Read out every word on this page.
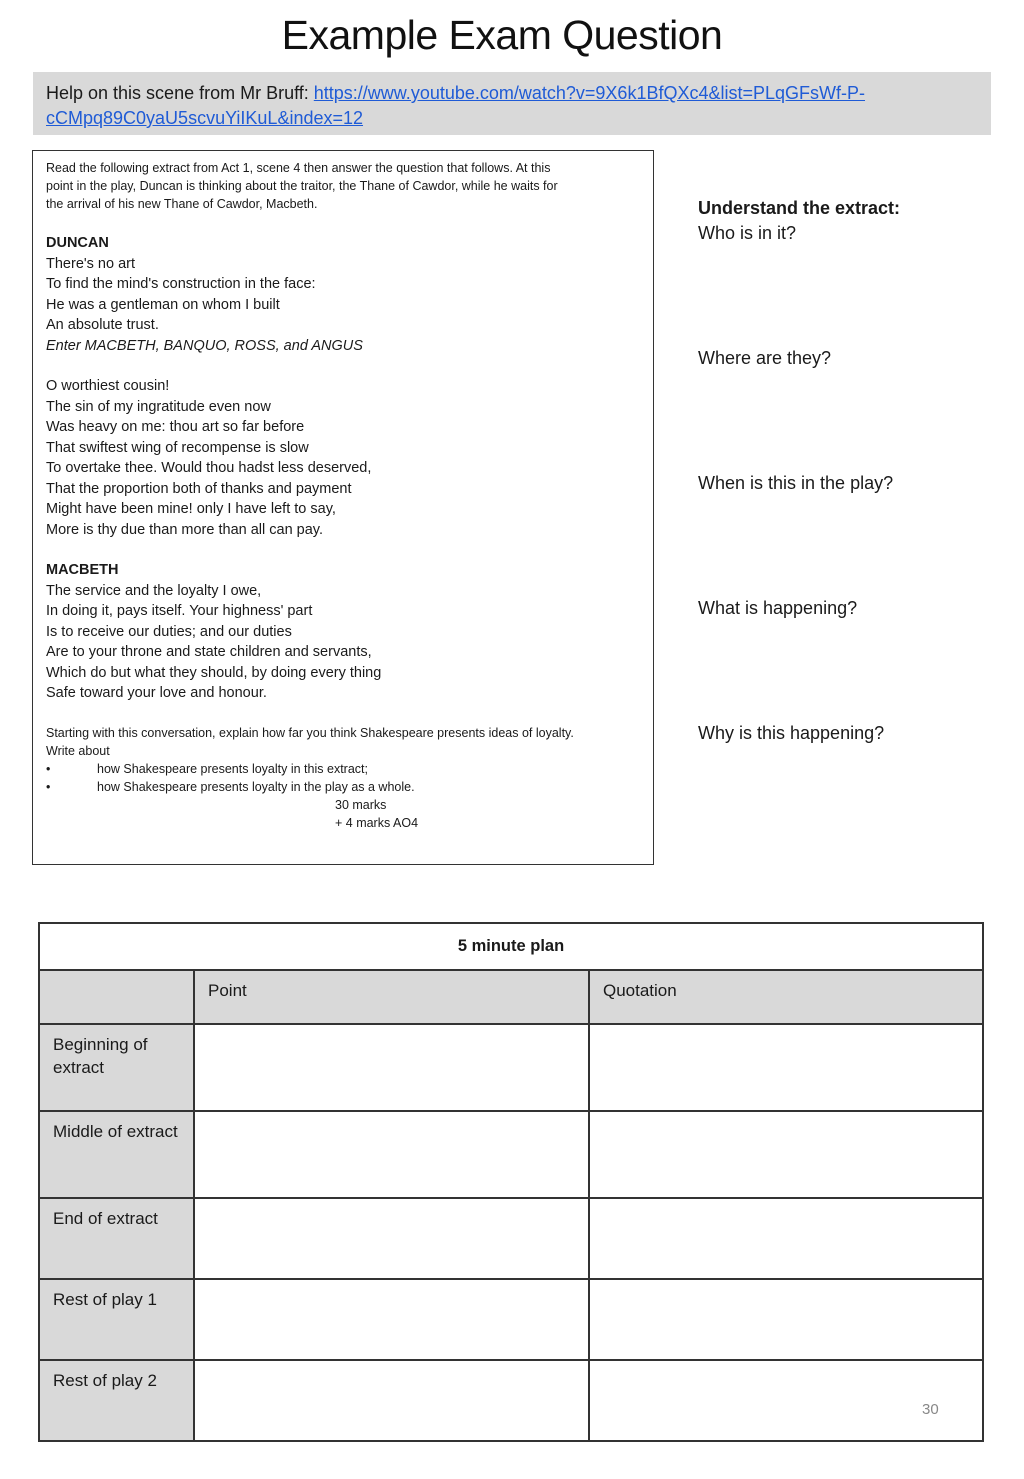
Example Exam Question
Help on this scene from Mr Bruff: https://www.youtube.com/watch?v=9X6k1BfQXc4&list=PLqGFsWf-P-
cCMpq89C0yaU5scvuYiIKuL&index=12
Read the following extract from Act 1, scene 4 then answer the question that follows. At this
point in the play, Duncan is thinking about the traitor, the Thane of Cawdor, while he waits for
the arrival of his new Thane of Cawdor, Macbeth.
DUNCAN
There's no art
To find the mind's construction in the face:
He was a gentleman on whom I built
An absolute trust.
Enter MACBETH, BANQUO, ROSS, and ANGUS
O worthiest cousin!
The sin of my ingratitude even now
Was heavy on me: thou art so far before
That swiftest wing of recompense is slow
To overtake thee. Would thou hadst less deserved,
That the proportion both of thanks and payment
Might have been mine! only I have left to say,
More is thy due than more than all can pay.
MACBETH
The service and the loyalty I owe,
In doing it, pays itself. Your highness' part
Is to receive our duties; and our duties
Are to your throne and state children and servants,
Which do but what they should, by doing every thing
Safe toward your love and honour.
Starting with this conversation, explain how far you think Shakespeare presents ideas of loyalty.
Write about
•	how Shakespeare presents loyalty in this extract;
•	how Shakespeare presents loyalty in the play as a whole.
30 marks
+ 4 marks AO4
Understand the extract:
Who is in it?
Where are they?
When is this in the play?
What is happening?
Why is this happening?
5 minute plan		
	Point	Quotation
Beginning of extract		
Middle of extract		
End of extract		
Rest of play 1		
Rest of play 2		
30
